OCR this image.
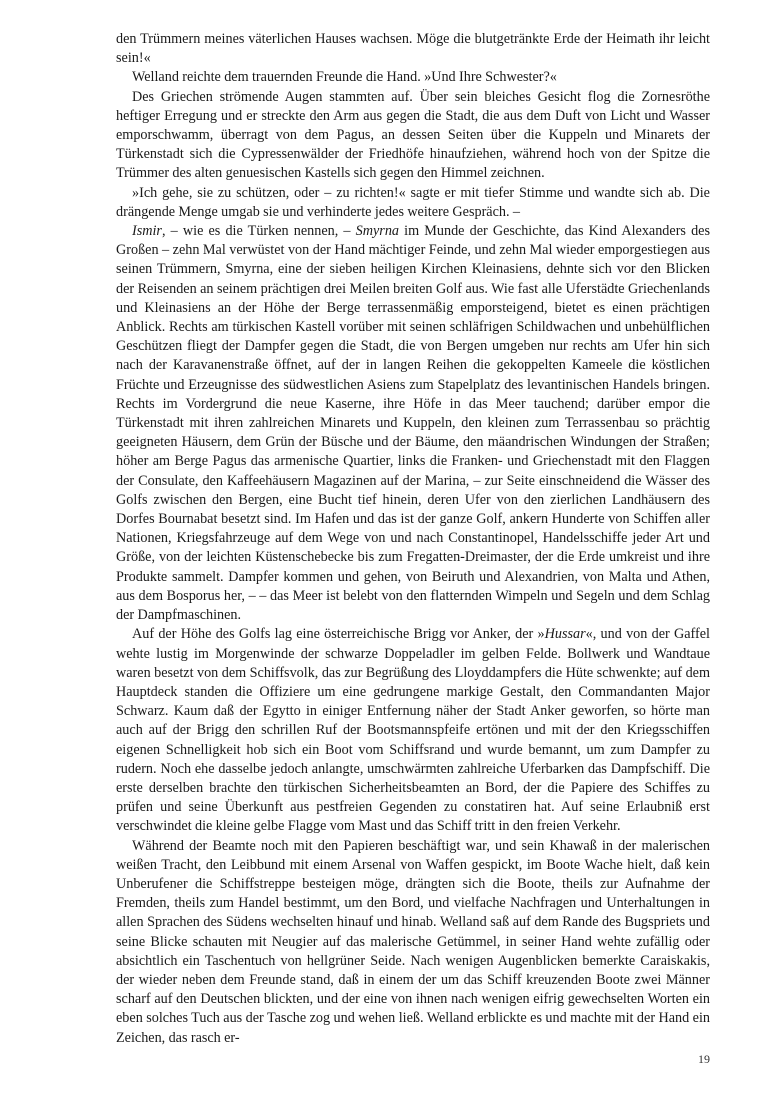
den Trümmern meines väterlichen Hauses wachsen. Möge die blutgetränkte Erde der Heimath ihr leicht sein!«

Welland reichte dem trauernden Freunde die Hand. »Und Ihre Schwester?«

Des Griechen strömende Augen stammten auf. Über sein bleiches Gesicht flog die Zornesröthe heftiger Erregung und er streckte den Arm aus gegen die Stadt, die aus dem Duft von Licht und Wasser emporschwamm, überragt von dem Pagus, an dessen Seiten über die Kuppeln und Minarets der Türkenstadt sich die Cypressenwälder der Friedhöfe hinaufziehen, während hoch von der Spitze die Trümmer des alten genuesischen Kastells sich gegen den Himmel zeichnen.

»Ich gehe, sie zu schützen, oder – zu richten!« sagte er mit tiefer Stimme und wandte sich ab. Die drängende Menge umgab sie und verhinderte jedes weitere Gespräch. –

Ismir, – wie es die Türken nennen, – Smyrna im Munde der Geschichte, das Kind Alexanders des Großen – zehn Mal verwüstet von der Hand mächtiger Feinde, und zehn Mal wieder emporgestiegen aus seinen Trümmern, Smyrna, eine der sieben heiligen Kirchen Kleinasiens, dehnte sich vor den Blicken der Reisenden an seinem prächtigen drei Meilen breiten Golf aus. Wie fast alle Uferstädte Griechenlands und Kleinasiens an der Höhe der Berge terrassenmäßig emporsteigend, bietet es einen prächtigen Anblick. Rechts am türkischen Kastell vorüber mit seinen schläfrigen Schildwachen und unbehülflichen Geschützen fliegt der Dampfer gegen die Stadt, die von Bergen umgeben nur rechts am Ufer hin sich nach der Karavanenstraße öffnet, auf der in langen Reihen die gekoppelten Kameele die köstlichen Früchte und Erzeugnisse des südwestlichen Asiens zum Stapelplatz des levantinischen Handels bringen. Rechts im Vordergrund die neue Kaserne, ihre Höfe in das Meer tauchend; darüber empor die Türkenstadt mit ihren zahlreichen Minarets und Kuppeln, den kleinen zum Terrassenbau so prächtig geeigneten Häusern, dem Grün der Büsche und der Bäume, den mäandrischen Windungen der Straßen; höher am Berge Pagus das armenische Quartier, links die Franken- und Griechenstadt mit den Flaggen der Consulate, den Kaffeehäusern Magazinen auf der Marina, – zur Seite einschneidend die Wässer des Golfs zwischen den Bergen, eine Bucht tief hinein, deren Ufer von den zierlichen Landhäusern des Dorfes Bournabat besetzt sind. Im Hafen und das ist der ganze Golf, ankern Hunderte von Schiffen aller Nationen, Kriegsfahrzeuge auf dem Wege von und nach Constantinopel, Handelsschiffe jeder Art und Größe, von der leichten Küstenschebecke bis zum Fregatten-Dreimaster, der die Erde umkreist und ihre Produkte sammelt. Dampfer kommen und gehen, von Beiruth und Alexandrien, von Malta und Athen, aus dem Bosporus her, – – das Meer ist belebt von den flatternden Wimpeln und Segeln und dem Schlag der Dampfmaschinen.

Auf der Höhe des Golfs lag eine österreichische Brigg vor Anker, der »Hussar«, und von der Gaffel wehte lustig im Morgenwinde der schwarze Doppeladler im gelben Felde. Bollwerk und Wandtaue waren besetzt von dem Schiffsvolk, das zur Begrüßung des Lloyddampfers die Hüte schwenkte; auf dem Hauptdeck standen die Offiziere um eine gedrungene markige Gestalt, den Commandanten Major Schwarz. Kaum daß der Egytto in einiger Entfernung näher der Stadt Anker geworfen, so hörte man auch auf der Brigg den schrillen Ruf der Bootsmannspfeife ertönen und mit der den Kriegsschiffen eigenen Schnelligkeit hob sich ein Boot vom Schiffsrand und wurde bemannt, um zum Dampfer zu rudern. Noch ehe dasselbe jedoch anlangte, umschwärmten zahlreiche Uferbarken das Dampfschiff. Die erste derselben brachte den türkischen Sicherheitsbeamten an Bord, der die Papiere des Schiffes zu prüfen und seine Überkunft aus pestfreien Gegenden zu constatiren hat. Auf seine Erlaubniß erst verschwindet die kleine gelbe Flagge vom Mast und das Schiff tritt in den freien Verkehr.

Während der Beamte noch mit den Papieren beschäftigt war, und sein Khawaß in der malerischen weißen Tracht, den Leibbund mit einem Arsenal von Waffen gespickt, im Boote Wache hielt, daß kein Unberufener die Schiffstreppe besteigen möge, drängten sich die Boote, theils zur Aufnahme der Fremden, theils zum Handel bestimmt, um den Bord, und vielfache Nachfragen und Unterhaltungen in allen Sprachen des Südens wechselten hinauf und hinab. Welland saß auf dem Rande des Bugspriets und seine Blicke schauten mit Neugier auf das malerische Getümmel, in seiner Hand wehte zufällig oder absichtlich ein Taschentuch von hellgrüner Seide. Nach wenigen Augenblicken bemerkte Caraiskakis, der wieder neben dem Freunde stand, daß in einem der um das Schiff kreuzenden Boote zwei Männer scharf auf den Deutschen blickten, und der eine von ihnen nach wenigen eifrig gewechselten Worten ein eben solches Tuch aus der Tasche zog und wehen ließ. Welland erblickte es und machte mit der Hand ein Zeichen, das rasch er-

19
